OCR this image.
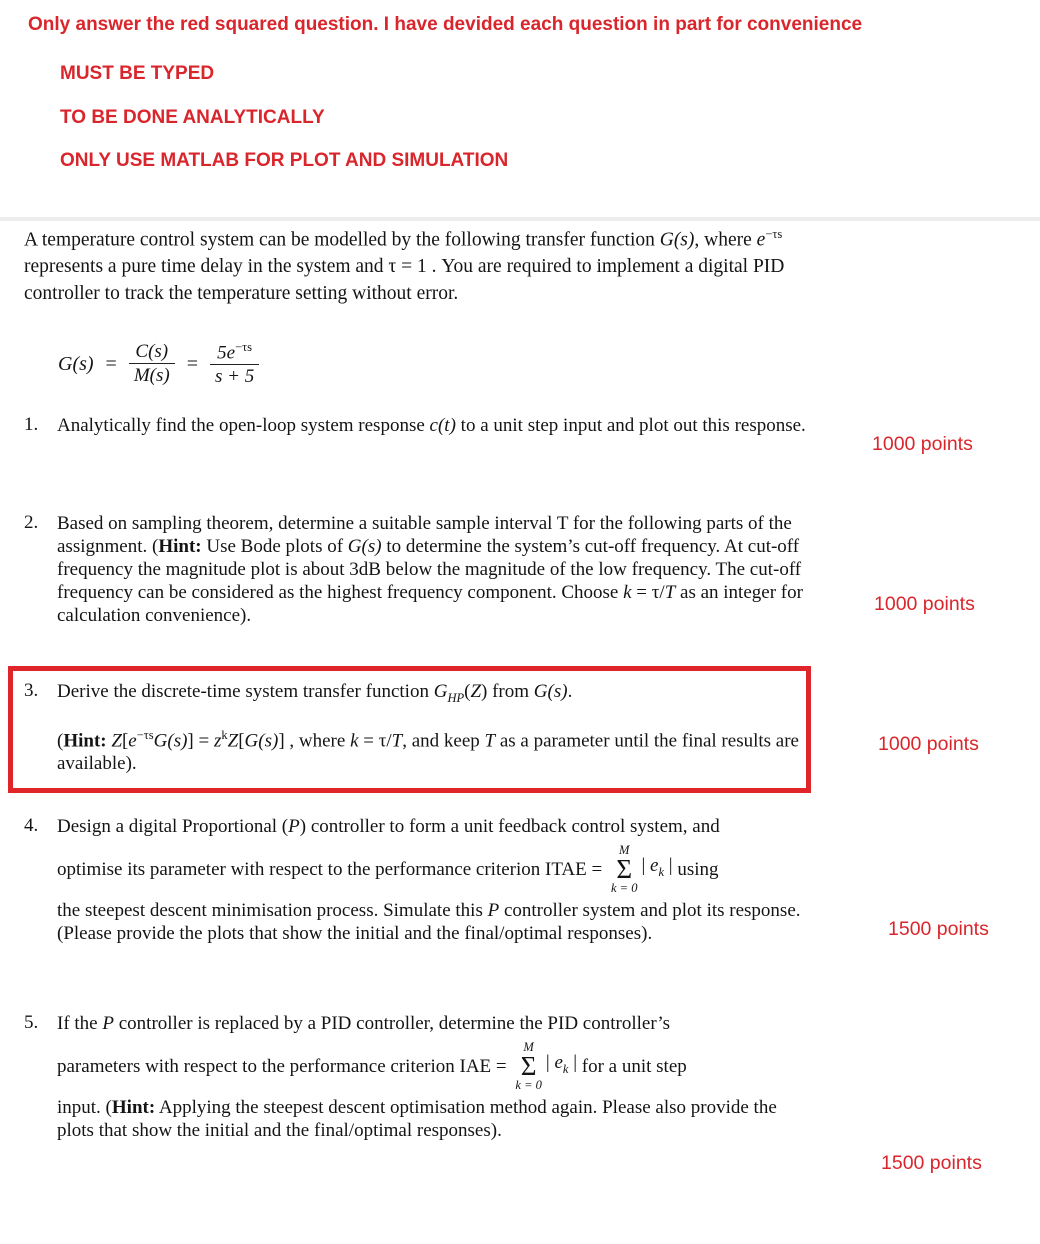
Only answer the red squared question. I have devided each question in part for convenience
MUST BE TYPED
TO BE DONE ANALYTICALLY
ONLY USE MATLAB FOR PLOT AND SIMULATION

A temperature control system can be modelled by the following transfer function G(s), where $e^{-\tau s}$ represents a pure time delay in the system and τ = 1 . You are required to implement a digital PID controller to track the temperature setting without error.

$G(s) = \frac{C(s)}{M(s)} = \frac{5e^{-\tau s}}{s + 5}$
1. Analytically find the open-loop system response c(t) to a unit step input and plot out this response.
2. Based on sampling theorem, determine a suitable sample interval T for the following parts of the assignment. (Hint: Use Bode plots of G(s) to determine the system’s cut-off frequency. At cut-off frequency the magnitude plot is about 3dB below the magnitude of the low frequency. The cut-off frequency can be considered as the highest frequency component. Choose k = τ/T as an integer for calculation convenience).
3. Derive the discrete-time system transfer function $G_{HP}(Z)$ from G(s).
(Hint: $Z[e^{-\tau s}G(s)] = z^kZ[G(s)]$ , where k = τ/T, and keep T as a parameter until the final results are available).
4. Design a digital Proportional (P) controller to form a unit feedback control system, and
optimise its parameter with respect to the performance criterion ITAE =
M
Σ
k = 0
| $e_k$ | using
the steepest descent minimisation process. Simulate this P controller system and plot its response. (Please provide the plots that show the initial and the final/optimal responses).
5. If the P controller is replaced by a PID controller, determine the PID controller’s
parameters with respect to the performance criterion IAE =
M
Σ
k = 0
| $e_k$ | for a unit step
input. (Hint: Applying the steepest descent optimisation method again. Please also provide the plots that show the initial and the final/optimal responses).
1000 points
1000 points
1000 points
1500 points
1500 points
